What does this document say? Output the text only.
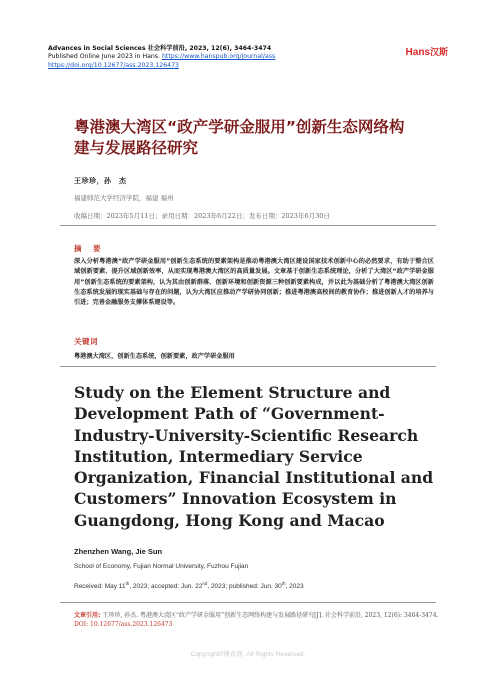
Advances in Social Sciences 社会科学前沿, 2023, 12(6), 3464-3474
Published Online June 2023 in Hans. https://www.hanspub.org/journal/ass
https://doi.org/10.12677/ass.2023.126473
Hans汉斯
粤港澳大湾区“政产学研金服用”创新生态网络构建与发展路径研究
王珍珍，孙　杰
福建师范大学经济学院，福建 福州
收稿日期：2023年5月11日；录用日期：2023年6月22日；发布日期：2023年6月30日
摘　要
深入分析粤港澳“政产学研金服用”创新生态系统的要素架构是推动粤港澳大湾区建设国家技术创新中心的必然要求，有助于整合区域创新要素、提升区域创新效率，从而实现粤港澳大湾区的高质量发展。文章基于创新生态系统理论，分析了大湾区“政产学研金服用”创新生态系统的要素架构，认为其由创新群落、创新环境和创新资源三种创新要素构成，并以此为基础分析了粤港澳大湾区创新生态系统发展的现实基础与存在的问题，认为大湾区应推动产学研协同创新；推进粤港澳高校间的教育协作；推进创新人才的培养与引进；完善金融服务支撑体系建设等。
关键词
粤港澳大湾区，创新生态系统，创新要素，政产学研金服用
Study on the Element Structure and Development Path of “Government-Industry-University-Scientific Research Institution, Intermediary Service Organization, Financial Institutional and Customers” Innovation Ecosystem in Guangdong, Hong Kong and Macao
Zhenzhen Wang, Jie Sun
School of Economy, Fujian Normal University, Fuzhou Fujian
Received: May 11th, 2023; accepted: Jun. 22nd, 2023; published: Jun. 30th, 2023
文章引用: 王珍珍, 孙杰. 粤港澳大湾区“政产学研金服用”创新生态网络构建与发展路径研究[J]. 社会科学前沿, 2023, 12(6): 3464-3474. DOI: 10.12677/ass.2023.126473
Copyright©博看网. All Rights Reserved.
